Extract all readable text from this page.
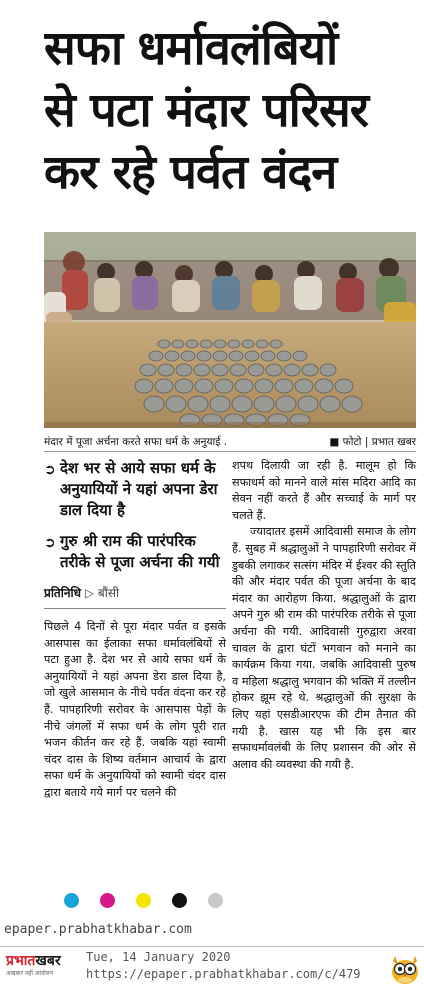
सफा धर्मावलंबियों
से पटा मंदार परिसर
कर रहे पर्वत वंदन
मंदार में पूजा अर्चना करते सफा धर्म के अनुयाई .	■ फोटो | प्रभात खबर
➲ देश भर से आये सफा धर्म के अनुयायियों ने यहां अपना डेरा डाल दिया है
➲ गुरु श्री राम की पारंपरिक तरीके से पूजा अर्चना की गयी
प्रतिनिधि ▷ बौंसी

पिछले 4 दिनों से पूरा मंदार पर्वत व इसके आसपास का ईलाका सफा धर्मावलंबियों से पटा हुआ है. देश भर से आये सफा धर्म के अनुयायियों ने यहां अपना डेरा डाल दिया है, जो खुले आसमान के नीचे पर्वत वंदना कर रहे हैं. पापहारिणी सरोवर के आसपास पेड़ों के नीचे जंगलों में सफा धर्म के लोग पूरी रात भजन कीर्तन कर रहे हैं. जबकि यहां स्वामी चंदर दास के शिष्य वर्तमान आचार्य के द्वारा सफा धर्म के अनुयायियों को स्वामी चंदर दास द्वारा बताये गये मार्ग पर चलने की

शपथ दिलायी जा रही है. मालूम हो कि सफाधर्म को मानने वाले मांस मदिरा आदि का सेवन नहीं करते हैं और सच्चाई के मार्ग पर चलते हैं.

ज्यादातर इसमें आदिवासी समाज के लोग हैं. सुबह में श्रद्धालुओं ने पापहारिणी सरोवर में डुबकी लगाकर सत्संग मंदिर में ईश्वर की स्तुति की और मंदार पर्वत की पूजा अर्चना के बाद मंदार का आरोहण किया. श्रद्धालुओं के द्वारा अपने गुरु श्री राम की पारंपरिक तरीके से पूजा अर्चना की गयी. आदिवासी गुरुद्वारा अरवा चावल के द्वारा घंटों भगवान को मनाने का कार्यक्रम किया गया. जबकि आदिवासी पुरुष व महिला श्रद्धालु भगवान की भक्ति में तल्लीन होकर झूम रहे थे. श्रद्धालुओं की सुरक्षा के लिए यहां एसडीआरएफ की टीम तैनात की गयी है. खास यह भी कि इस बार सफाधर्मावलंबी के लिए प्रशासन की ओर से अलाव की व्यवस्था की गयी है.

epaper.prabhatkhabar.com
प्रभातखबर
अखबार नहीं आंदोलन
Tue, 14 January 2020
https://epaper.prabhatkhabar.com/c/479
